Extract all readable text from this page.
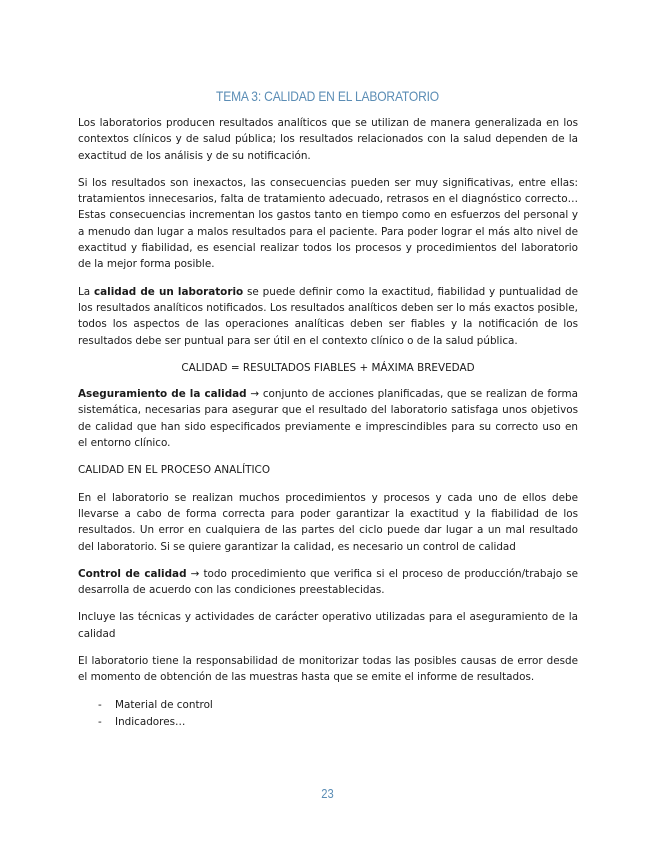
TEMA 3: CALIDAD EN EL LABORATORIO

Los laboratorios producen resultados analíticos que se utilizan de manera generalizada en los contextos clínicos y de salud pública; los resultados relacionados con la salud dependen de la exactitud de los análisis y de su notificación.

Si los resultados son inexactos, las consecuencias pueden ser muy significativas, entre ellas: tratamientos innecesarios, falta de tratamiento adecuado, retrasos en el diagnóstico correcto… Estas consecuencias incrementan los gastos tanto en tiempo como en esfuerzos del personal y a menudo dan lugar a malos resultados para el paciente. Para poder lograr el más alto nivel de exactitud y fiabilidad, es esencial realizar todos los procesos y procedimientos del laboratorio de la mejor forma posible.

La calidad de un laboratorio se puede definir como la exactitud, fiabilidad y puntualidad de los resultados analíticos notificados. Los resultados analíticos deben ser lo más exactos posible, todos los aspectos de las operaciones analíticas deben ser fiables y la notificación de los resultados debe ser puntual para ser útil en el contexto clínico o de la salud pública.

CALIDAD = RESULTADOS FIABLES + MÁXIMA BREVEDAD

Aseguramiento de la calidad → conjunto de acciones planificadas, que se realizan de forma sistemática, necesarias para asegurar que el resultado del laboratorio satisfaga unos objetivos de calidad que han sido especificados previamente e imprescindibles para su correcto uso en el entorno clínico.

CALIDAD EN EL PROCESO ANALÍTICO

En el laboratorio se realizan muchos procedimientos y procesos y cada uno de ellos debe llevarse a cabo de forma correcta para poder garantizar la exactitud y la fiabilidad de los resultados. Un error en cualquiera de las partes del ciclo puede dar lugar a un mal resultado del laboratorio. Si se quiere garantizar la calidad, es necesario un control de calidad

Control de calidad → todo procedimiento que verifica si el proceso de producción/trabajo se desarrolla de acuerdo con las condiciones preestablecidas.

Incluye las técnicas y actividades de carácter operativo utilizadas para el aseguramiento de la calidad

El laboratorio tiene la responsabilidad de monitorizar todas las posibles causas de error desde el momento de obtención de las muestras hasta que se emite el informe de resultados.

- Material de control
- Indicadores…
23
